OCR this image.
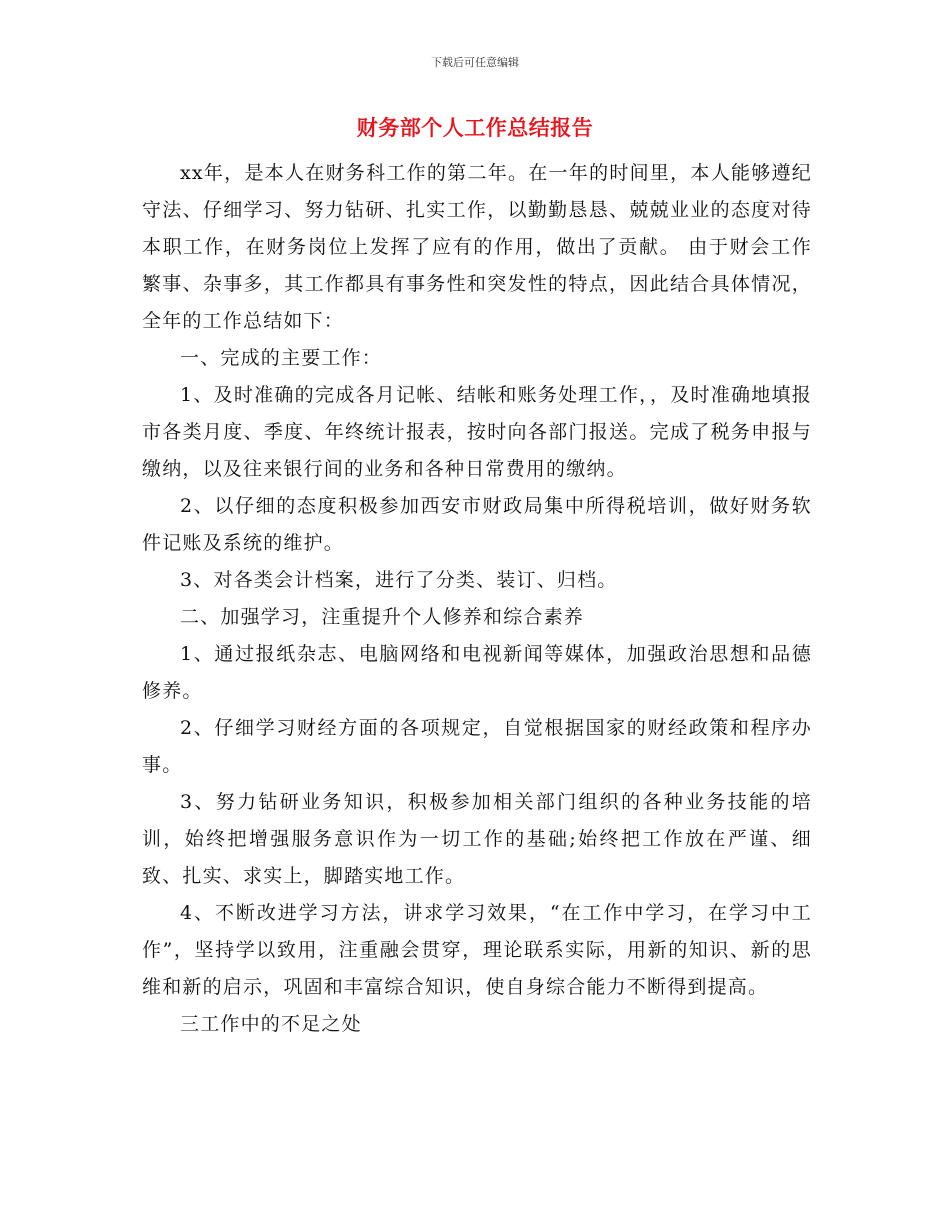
下载后可任意编辑
财务部个人工作总结报告

xx年，是本人在财务科工作的第二年。在一年的时间里，本人能够遵纪守法、仔细学习、努力钻研、扎实工作，以勤勤恳恳、兢兢业业的态度对待本职工作，在财务岗位上发挥了应有的作用，做出了贡献。 由于财会工作繁事、杂事多，其工作都具有事务性和突发性的特点，因此结合具体情况，全年的工作总结如下：

一、完成的主要工作：

1、及时准确的完成各月记帐、结帐和账务处理工作，，及时准确地填报市各类月度、季度、年终统计报表，按时向各部门报送。完成了税务申报与缴纳，以及往来银行间的业务和各种日常费用的缴纳。

2、以仔细的态度积极参加西安市财政局集中所得税培训，做好财务软件记账及系统的维护。

3、对各类会计档案，进行了分类、装订、归档。

二、加强学习，注重提升个人修养和综合素养

1、通过报纸杂志、电脑网络和电视新闻等媒体，加强政治思想和品德修养。

2、仔细学习财经方面的各项规定，自觉根据国家的财经政策和程序办事。

3、努力钻研业务知识，积极参加相关部门组织的各种业务技能的培训，始终把增强服务意识作为一切工作的基础;始终把工作放在严谨、细致、扎实、求实上，脚踏实地工作。

4、不断改进学习方法，讲求学习效果，“在工作中学习，在学习中工作”，坚持学以致用，注重融会贯穿，理论联系实际，用新的知识、新的思维和新的启示，巩固和丰富综合知识，使自身综合能力不断得到提高。

三工作中的不足之处
